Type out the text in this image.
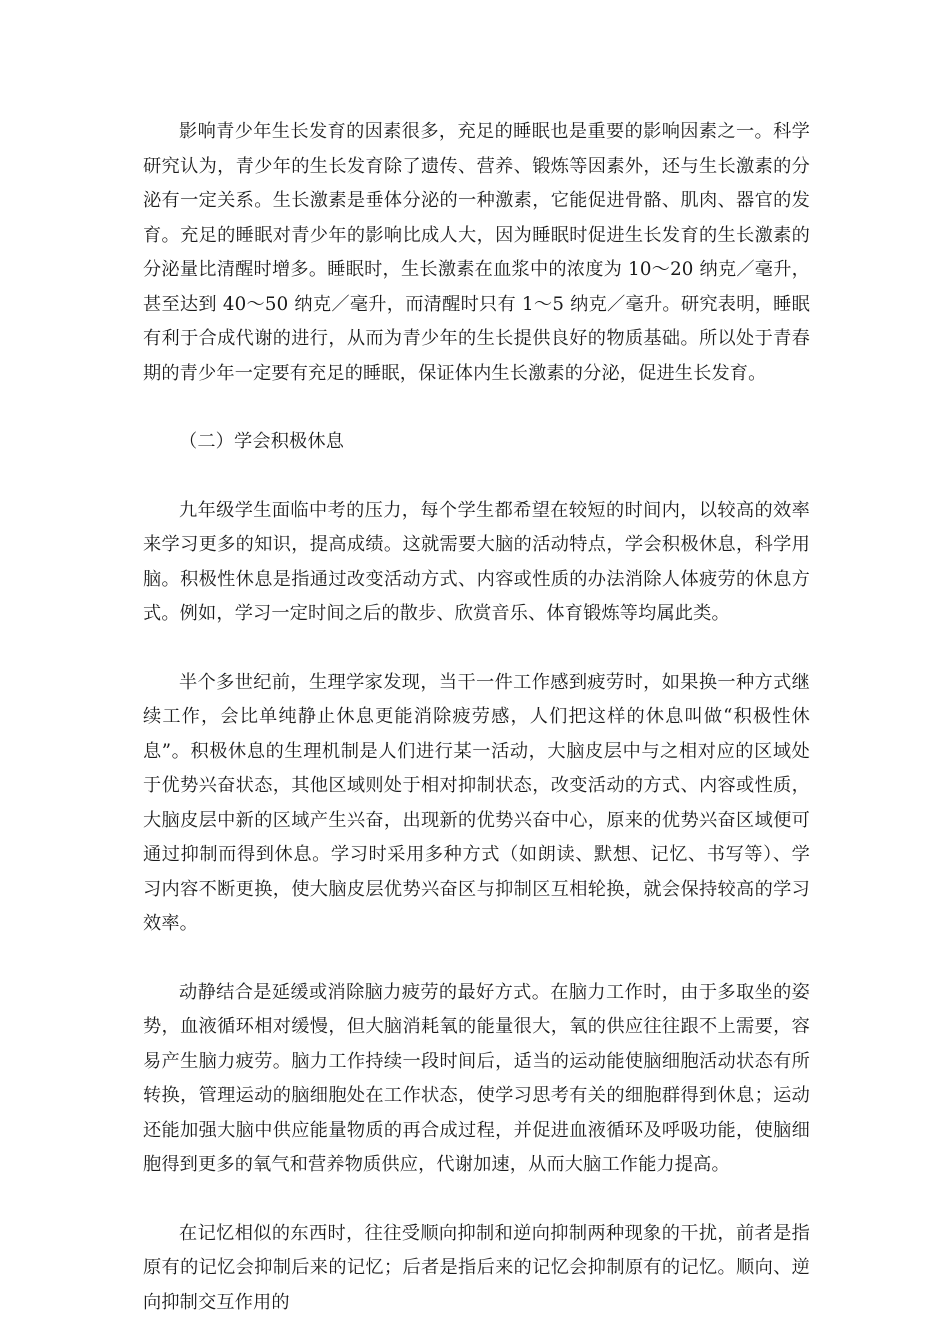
影响青少年生长发育的因素很多，充足的睡眠也是重要的影响因素之一。科学研究认为，青少年的生长发育除了遗传、营养、锻炼等因素外，还与生长激素的分泌有一定关系。生长激素是垂体分泌的一种激素，它能促进骨骼、肌肉、器官的发育。充足的睡眠对青少年的影响比成人大，因为睡眠时促进生长发育的生长激素的分泌量比清醒时增多。睡眠时，生长激素在血浆中的浓度为 10～20 纳克／毫升，甚至达到 40～50 纳克／毫升，而清醒时只有 1～5 纳克／毫升。研究表明，睡眠有利于合成代谢的进行，从而为青少年的生长提供良好的物质基础。所以处于青春期的青少年一定要有充足的睡眠，保证体内生长激素的分泌，促进生长发育。

（二）学会积极休息

九年级学生面临中考的压力，每个学生都希望在较短的时间内，以较高的效率来学习更多的知识，提高成绩。这就需要大脑的活动特点，学会积极休息，科学用脑。积极性休息是指通过改变活动方式、内容或性质的办法消除人体疲劳的休息方式。例如，学习一定时间之后的散步、欣赏音乐、体育锻炼等均属此类。

半个多世纪前，生理学家发现，当干一件工作感到疲劳时，如果换一种方式继续工作，会比单纯静止休息更能消除疲劳感，人们把这样的休息叫做“积极性休息”。积极休息的生理机制是人们进行某一活动，大脑皮层中与之相对应的区域处于优势兴奋状态，其他区域则处于相对抑制状态，改变活动的方式、内容或性质，大脑皮层中新的区域产生兴奋，出现新的优势兴奋中心，原来的优势兴奋区域便可通过抑制而得到休息。学习时采用多种方式（如朗读、默想、记忆、书写等）、学习内容不断更换，使大脑皮层优势兴奋区与抑制区互相轮换，就会保持较高的学习效率。

动静结合是延缓或消除脑力疲劳的最好方式。在脑力工作时，由于多取坐的姿势，血液循环相对缓慢，但大脑消耗氧的能量很大，氧的供应往往跟不上需要，容易产生脑力疲劳。脑力工作持续一段时间后，适当的运动能使脑细胞活动状态有所转换，管理运动的脑细胞处在工作状态，使学习思考有关的细胞群得到休息；运动还能加强大脑中供应能量物质的再合成过程，并促进血液循环及呼吸功能，使脑细胞得到更多的氧气和营养物质供应，代谢加速，从而大脑工作能力提高。

在记忆相似的东西时，往往受顺向抑制和逆向抑制两种现象的干扰，前者是指原有的记忆会抑制后来的记忆；后者是指后来的记忆会抑制原有的记忆。顺向、逆向抑制交互作用的
